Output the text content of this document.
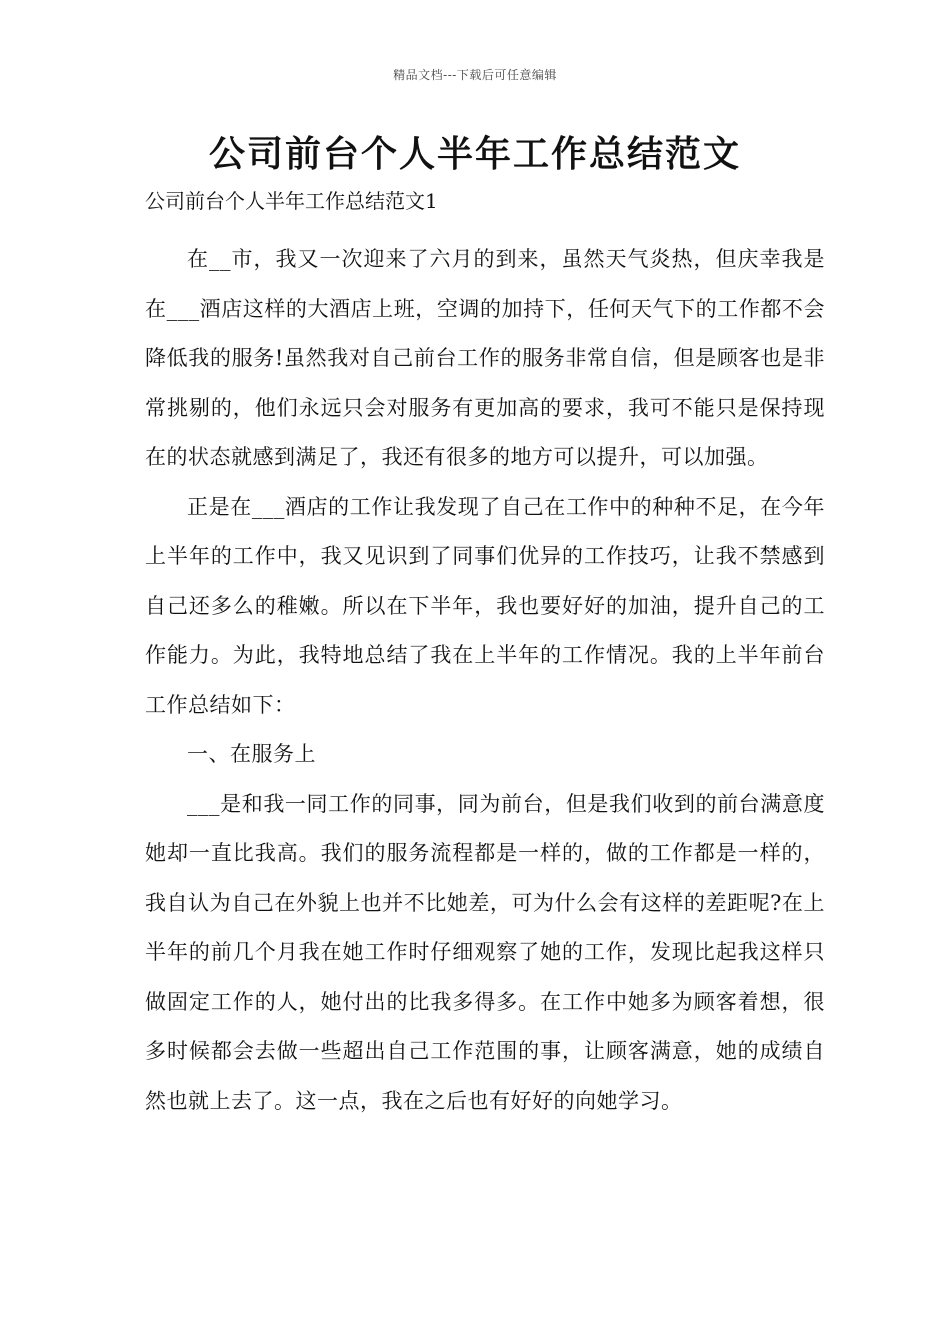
精品文档---下载后可任意编辑
公司前台个人半年工作总结范文

公司前台个人半年工作总结范文1

在__市，我又一次迎来了六月的到来，虽然天气炎热，但庆幸我是在___酒店这样的大酒店上班，空调的加持下，任何天气下的工作都不会降低我的服务!虽然我对自己前台工作的服务非常自信，但是顾客也是非常挑剔的，他们永远只会对服务有更加高的要求，我可不能只是保持现在的状态就感到满足了，我还有很多的地方可以提升，可以加强。

正是在___酒店的工作让我发现了自己在工作中的种种不足，在今年上半年的工作中，我又见识到了同事们优异的工作技巧，让我不禁感到自己还多么的稚嫩。所以在下半年，我也要好好的加油，提升自己的工作能力。为此，我特地总结了我在上半年的工作情况。我的上半年前台工作总结如下：

一、在服务上

___是和我一同工作的同事，同为前台，但是我们收到的前台满意度她却一直比我高。我们的服务流程都是一样的，做的工作都是一样的，我自认为自己在外貌上也并不比她差，可为什么会有这样的差距呢?在上半年的前几个月我在她工作时仔细观察了她的工作，发现比起我这样只做固定工作的人，她付出的比我多得多。在工作中她多为顾客着想，很多时候都会去做一些超出自己工作范围的事，让顾客满意，她的成绩自然也就上去了。这一点，我在之后也有好好的向她学习。
